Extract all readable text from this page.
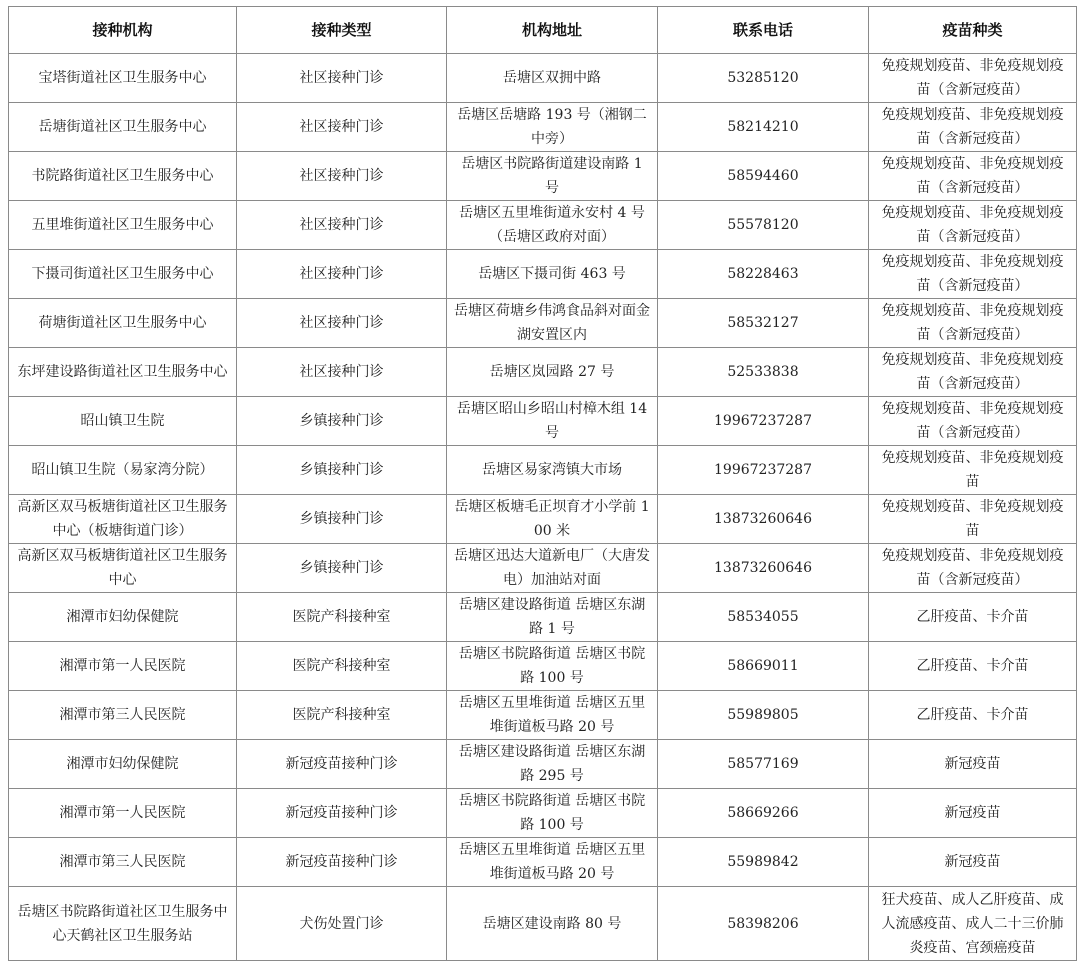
接种机构	接种类型	机构地址	联系电话	疫苗种类
宝塔街道社区卫生服务中心	社区接种门诊	岳塘区双拥中路	53285120	免疫规划疫苗、非免疫规划疫苗（含新冠疫苗）
岳塘街道社区卫生服务中心	社区接种门诊	岳塘区岳塘路 193 号（湘钢二中旁）	58214210	免疫规划疫苗、非免疫规划疫苗（含新冠疫苗）
书院路街道社区卫生服务中心	社区接种门诊	岳塘区书院路街道建设南路 1 号	58594460	免疫规划疫苗、非免疫规划疫苗（含新冠疫苗）
五里堆街道社区卫生服务中心	社区接种门诊	岳塘区五里堆街道永安村 4 号（岳塘区政府对面）	55578120	免疫规划疫苗、非免疫规划疫苗（含新冠疫苗）
下摄司街道社区卫生服务中心	社区接种门诊	岳塘区下摄司街 463 号	58228463	免疫规划疫苗、非免疫规划疫苗（含新冠疫苗）
荷塘街道社区卫生服务中心	社区接种门诊	岳塘区荷塘乡伟鸿食品斜对面金湖安置区内	58532127	免疫规划疫苗、非免疫规划疫苗（含新冠疫苗）
东坪建设路街道社区卫生服务中心	社区接种门诊	岳塘区岚园路 27 号	52533838	免疫规划疫苗、非免疫规划疫苗（含新冠疫苗）
昭山镇卫生院	乡镇接种门诊	岳塘区昭山乡昭山村樟木组 14 号	19967237287	免疫规划疫苗、非免疫规划疫苗（含新冠疫苗）
昭山镇卫生院（易家湾分院）	乡镇接种门诊	岳塘区易家湾镇大市场	19967237287	免疫规划疫苗、非免疫规划疫苗
高新区双马板塘街道社区卫生服务中心（板塘街道门诊）	乡镇接种门诊	岳塘区板塘毛正坝育才小学前 100 米	13873260646	免疫规划疫苗、非免疫规划疫苗
高新区双马板塘街道社区卫生服务中心	乡镇接种门诊	岳塘区迅达大道新电厂（大唐发电）加油站对面	13873260646	免疫规划疫苗、非免疫规划疫苗（含新冠疫苗）
湘潭市妇幼保健院	医院产科接种室	岳塘区建设路街道 岳塘区东湖路 1 号	58534055	乙肝疫苗、卡介苗
湘潭市第一人民医院	医院产科接种室	岳塘区书院路街道 岳塘区书院路 100 号	58669011	乙肝疫苗、卡介苗
湘潭市第三人民医院	医院产科接种室	岳塘区五里堆街道 岳塘区五里堆街道板马路 20 号	55989805	乙肝疫苗、卡介苗
湘潭市妇幼保健院	新冠疫苗接种门诊	岳塘区建设路街道 岳塘区东湖路 295 号	58577169	新冠疫苗
湘潭市第一人民医院	新冠疫苗接种门诊	岳塘区书院路街道 岳塘区书院路 100 号	58669266	新冠疫苗
湘潭市第三人民医院	新冠疫苗接种门诊	岳塘区五里堆街道 岳塘区五里堆街道板马路 20 号	55989842	新冠疫苗
岳塘区书院路街道社区卫生服务中心天鹤社区卫生服务站	犬伤处置门诊	岳塘区建设南路 80 号	58398206	狂犬疫苗、成人乙肝疫苗、成人流感疫苗、成人二十三价肺炎疫苗、宫颈癌疫苗
